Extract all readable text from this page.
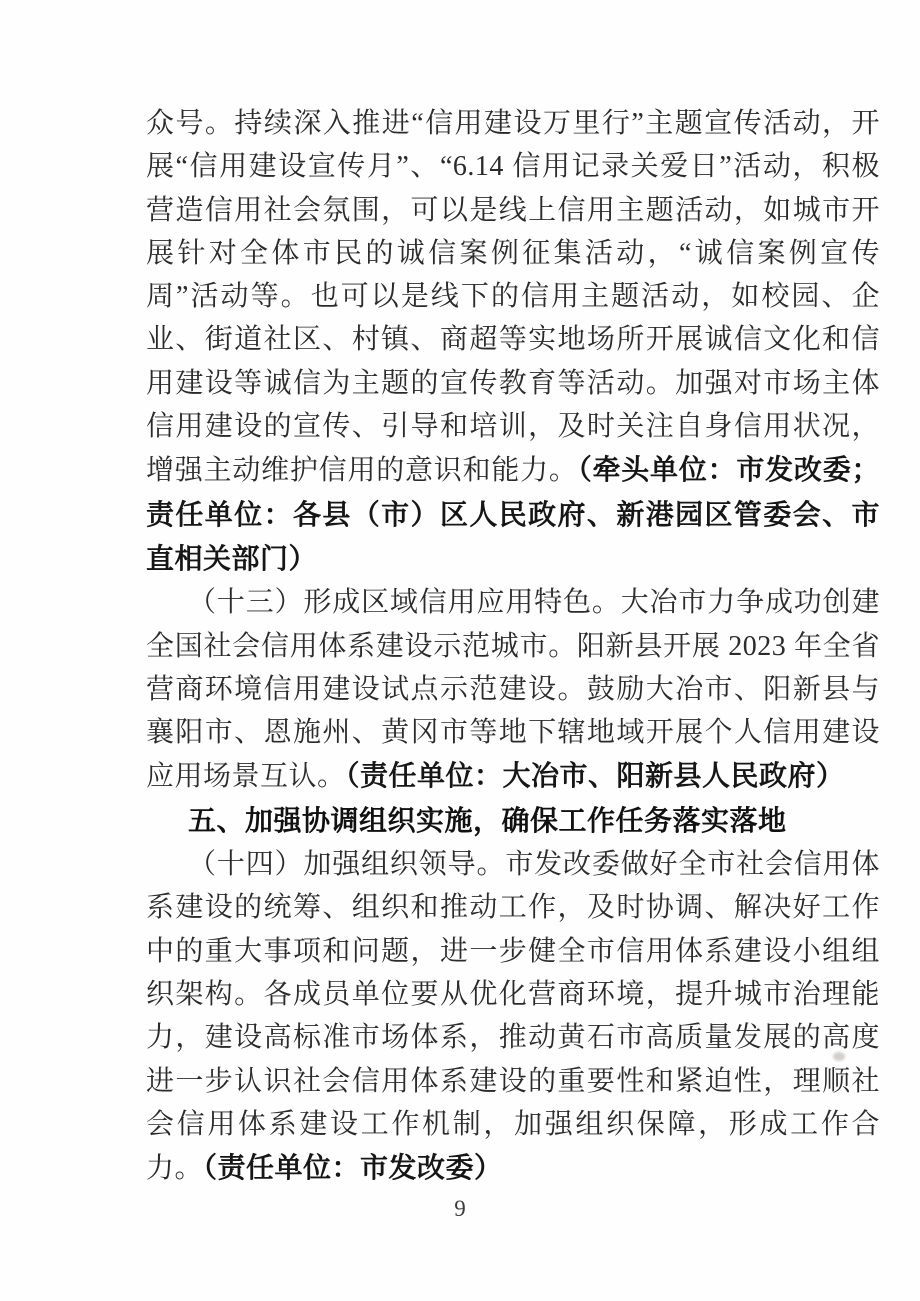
众号。持续深入推进“信用建设万里行”主题宣传活动，开展“信用建设宣传月”、“6.14 信用记录关爱日”活动，积极营造信用社会氛围，可以是线上信用主题活动，如城市开展针对全体市民的诚信案例征集活动，“诚信案例宣传周”活动等。也可以是线下的信用主题活动，如校园、企业、街道社区、村镇、商超等实地场所开展诚信文化和信用建设等诚信为主题的宣传教育等活动。加强对市场主体信用建设的宣传、引导和培训，及时关注自身信用状况，增强主动维护信用的意识和能力。（牵头单位：市发改委；责任单位：各县（市）区人民政府、新港园区管委会、市直相关部门）

（十三）形成区域信用应用特色。大冶市力争成功创建全国社会信用体系建设示范城市。阳新县开展 2023 年全省营商环境信用建设试点示范建设。鼓励大冶市、阳新县与襄阳市、恩施州、黄冈市等地下辖地域开展个人信用建设应用场景互认。（责任单位：大冶市、阳新县人民政府）

五、加强协调组织实施，确保工作任务落实落地

（十四）加强组织领导。市发改委做好全市社会信用体系建设的统筹、组织和推动工作，及时协调、解决好工作中的重大事项和问题，进一步健全市信用体系建设小组组织架构。各成员单位要从优化营商环境，提升城市治理能力，建设高标准市场体系，推动黄石市高质量发展的高度进一步认识社会信用体系建设的重要性和紧迫性，理顺社会信用体系建设工作机制，加强组织保障，形成工作合力。（责任单位：市发改委）

9
